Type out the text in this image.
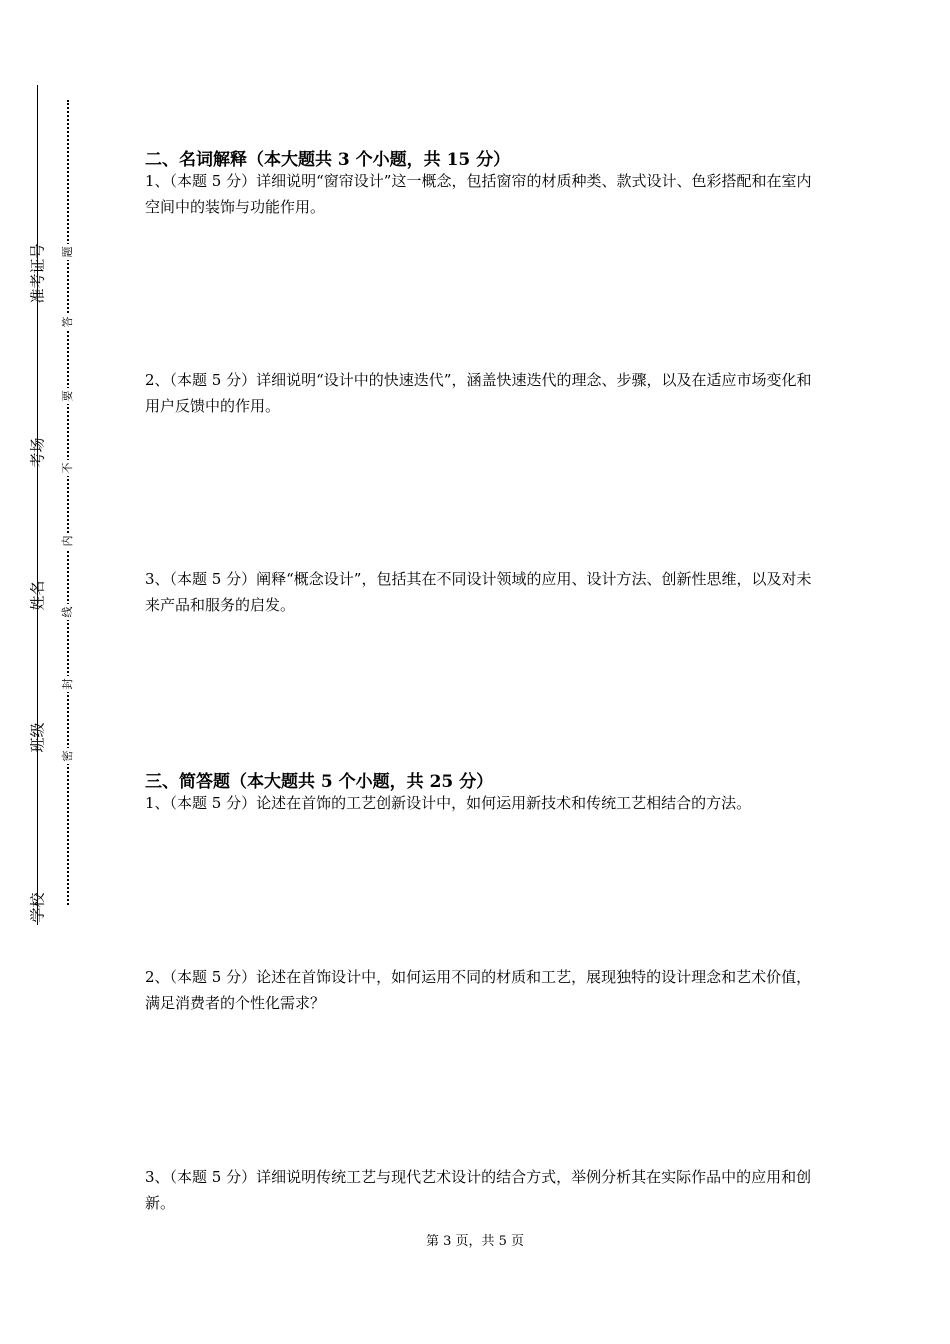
准考证号
考场
姓名
班级
学校
题
答
要
不
内
线
封
密
二、名词解释（本大题共 3 个小题，共 15 分）
1、（本题 5 分）详细说明“窗帘设计”这一概念，包括窗帘的材质种类、款式设计、色彩搭配和在室内空间中的装饰与功能作用。
2、（本题 5 分）详细说明“设计中的快速迭代”，涵盖快速迭代的理念、步骤，以及在适应市场变化和用户反馈中的作用。
3、（本题 5 分）阐释“概念设计”，包括其在不同设计领域的应用、设计方法、创新性思维，以及对未来产品和服务的启发。
三、简答题（本大题共 5 个小题，共 25 分）
1、（本题 5 分）论述在首饰的工艺创新设计中，如何运用新技术和传统工艺相结合的方法。
2、（本题 5 分）论述在首饰设计中，如何运用不同的材质和工艺，展现独特的设计理念和艺术价值，满足消费者的个性化需求？
3、（本题 5 分）详细说明传统工艺与现代艺术设计的结合方式，举例分析其在实际作品中的应用和创新。
第 3 页，共 5 页
